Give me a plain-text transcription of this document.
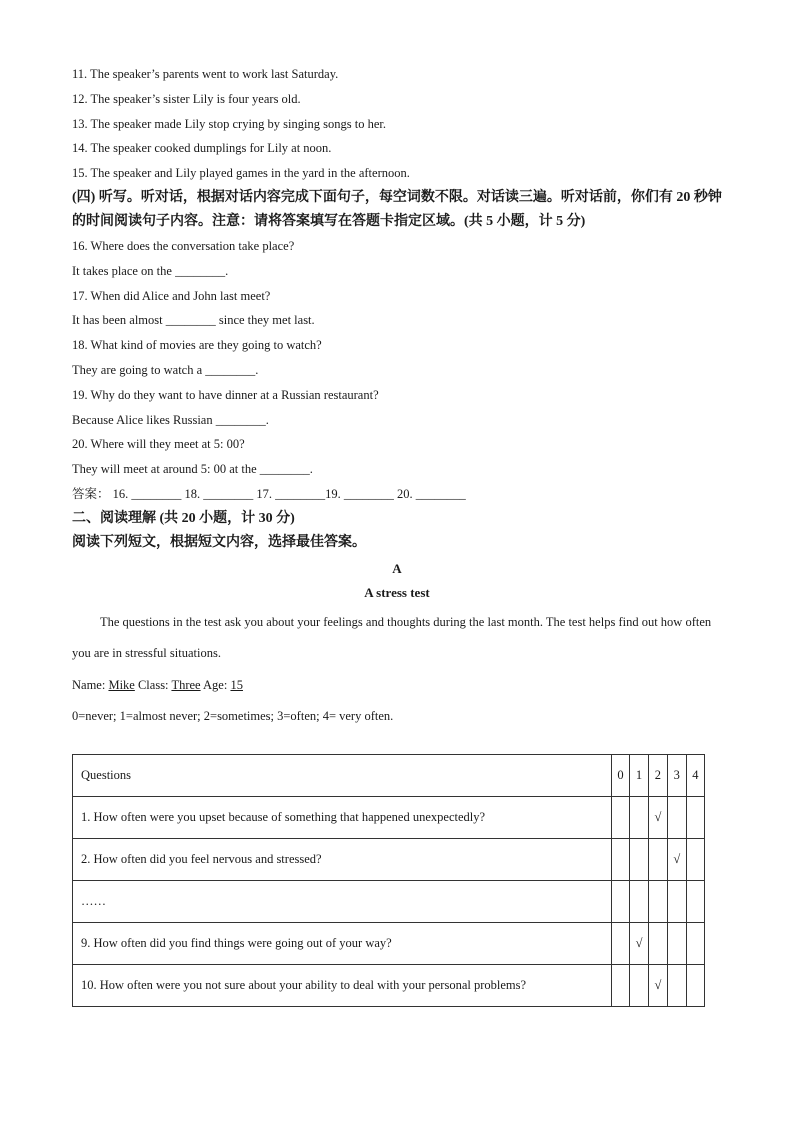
11. The speaker’s parents went to work last Saturday.
12. The speaker’s sister Lily is four years old.
13. The speaker made Lily stop crying by singing songs to her.
14. The speaker cooked dumplings for Lily at noon.
15. The speaker and Lily played games in the yard in the afternoon.
(四) 听写。听对话，根据对话内容完成下面句子，每空词数不限。对话读三遍。听对话前，你们有 20 秒钟的时间阅读句子内容。注意：请将答案填写在答题卡指定区域。(共 5 小题，计 5 分)
16. Where does the conversation take place?
It takes place on the ________.
17. When did Alice and John last meet?
It has been almost ________ since they met last.
18. What kind of movies are they going to watch?
They are going to watch a ________.
19. Why do they want to have dinner at a Russian restaurant?
Because Alice likes Russian ________.
20. Where will they meet at 5: 00?
They will meet at around 5: 00 at the ________.
答案： 16. ________ 18. ________ 17. ________19. ________ 20. ________
二、阅读理解 (共 20 小题，计 30 分)
阅读下列短文，根据短文内容，选择最佳答案。
A
A stress test
The questions in the test ask you about your feelings and thoughts during the last month. The test helps find out how often you are in stressful situations.
Name: Mike Class: Three Age: 15
0=never; 1=almost never; 2=sometimes; 3=often; 4= very often.
Questions	0	1	2	3	4
1. How often were you upset because of something that happened unexpectedly?			√		
2. How often did you feel nervous and stressed?				√	
……					
9. How often did you find things were going out of your way?		√			
10. How often were you not sure about your ability to deal with your personal problems?			√		
